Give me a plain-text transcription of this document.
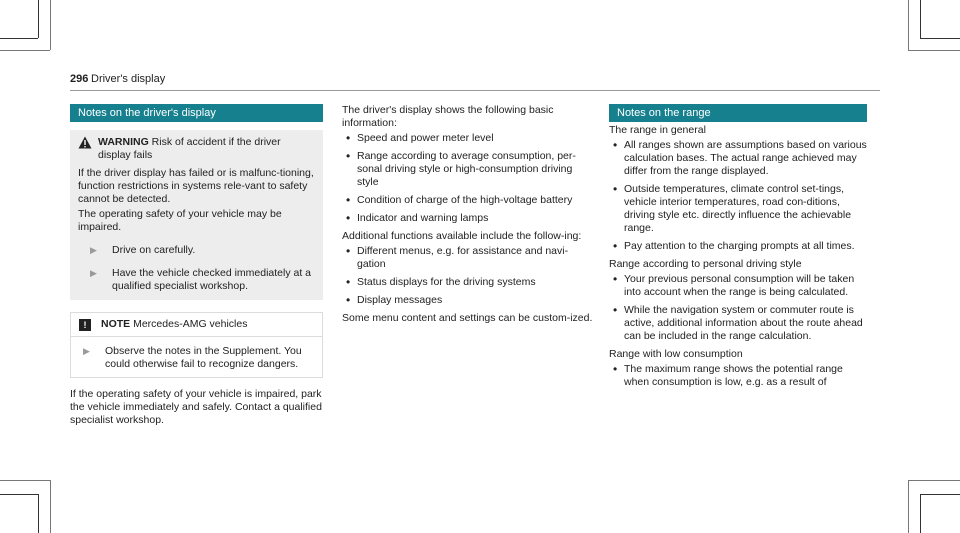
296 Driver's display
Notes on the driver's display
WARNING Risk of accident if the driver display fails

If the driver display has failed or is malfunc-tioning, function restrictions in systems rele-vant to safety cannot be detected.

The operating safety of your vehicle may be impaired.

▶	Drive on carefully.
▶	Have the vehicle checked immediately at a qualified specialist workshop.
!	NOTE
Mercedes-AMG vehicles
▶	Observe the notes in the Supplement. You could otherwise fail to recognize dangers.

If the operating safety of your vehicle is impaired, park the vehicle immediately and safely. Contact a qualified specialist workshop.

The driver's display shows the following basic information:

• Speed and power meter level
• Range according to average consumption, per-sonal driving style or high-consumption driving style
• Condition of charge of the high-voltage battery
• Indicator and warning lamps

Additional functions available include the follow-ing:

• Different menus, e.g. for assistance and navi-gation
• Status displays for the driving systems
• Display messages

Some menu content and settings can be custom-ized.

Notes on the range

The range in general

• All ranges shown are assumptions based on various calculation bases. The actual range achieved may differ from the range displayed.
• Outside temperatures, climate control set-tings, vehicle interior temperatures, road con-ditions, driving style etc. directly influence the achievable range.
• Pay attention to the charging prompts at all times.

Range according to personal driving style

• Your previous personal consumption will be taken into account when the range is being calculated.
• While the navigation system or commuter route is active, additional information about the route ahead can be included in the range calculation.

Range with low consumption

• The maximum range shows the potential range when consumption is low, e.g. as a result of
